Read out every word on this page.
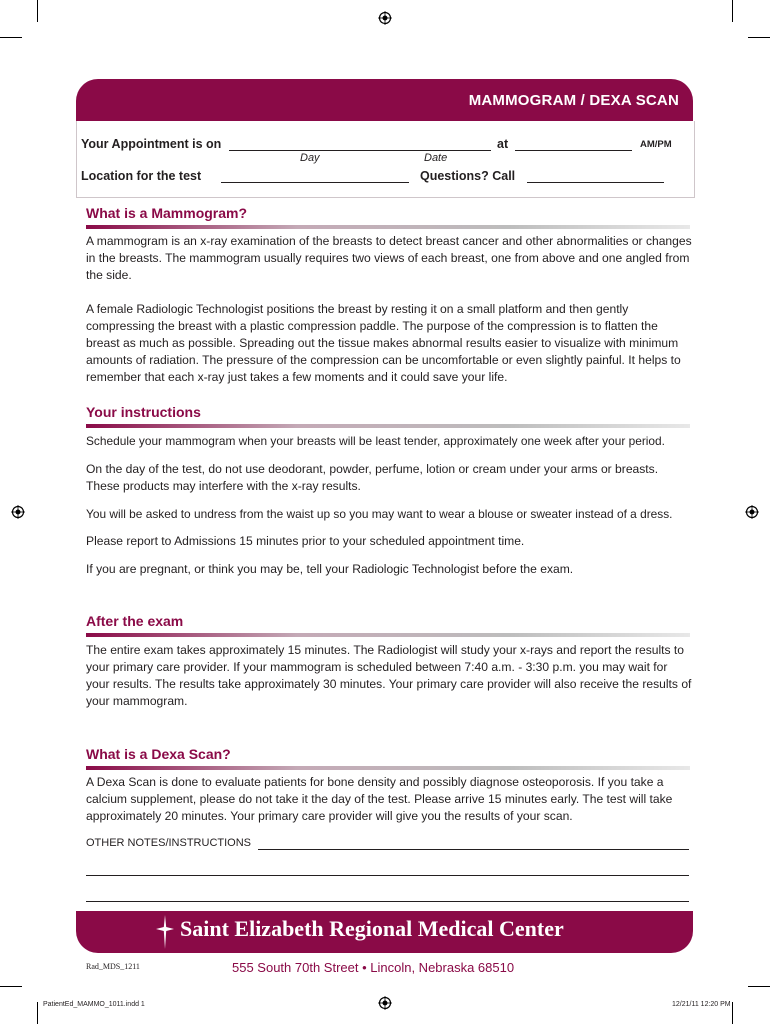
MAMMOGRAM / DEXA SCAN
Your Appointment is on	at	AM/PM
Day	Date
Location for the test	Questions? Call
What is a Mammogram?

A mammogram is an x-ray examination of the breasts to detect breast cancer and other abnormalities or changes in the breasts. The mammogram usually requires two views of each breast, one from above and one angled from the side.

A female Radiologic Technologist positions the breast by resting it on a small platform and then gently compressing the breast with a plastic compression paddle. The purpose of the compression is to flatten the breast as much as possible. Spreading out the tissue makes abnormal results easier to visualize with minimum amounts of radiation. The pressure of the compression can be uncomfortable or even slightly painful. It helps to remember that each x-ray just takes a few moments and it could save your life.

Your instructions

Schedule your mammogram when your breasts will be least tender, approximately one week after your period.

On the day of the test, do not use deodorant, powder, perfume, lotion or cream under your arms or breasts. These products may interfere with the x-ray results.

You will be asked to undress from the waist up so you may want to wear a blouse or sweater instead of a dress.

Please report to Admissions 15 minutes prior to your scheduled appointment time.

If you are pregnant, or think you may be, tell your Radiologic Technologist before the exam.

After the exam

The entire exam takes approximately 15 minutes. The Radiologist will study your x-rays and report the results to your primary care provider. If your mammogram is scheduled between 7:40 a.m. - 3:30 p.m. you may wait for your results. The results take approximately 30 minutes. Your primary care provider will also receive the results of your mammogram.

What is a Dexa Scan?

A Dexa Scan is done to evaluate patients for bone density and possibly diagnose osteoporosis. If you take a calcium supplement, please do not take it the day of the test. Please arrive 15 minutes early. The test will take approximately 20 minutes. Your primary care provider will give you the results of your scan.

OTHER NOTES/INSTRUCTIONS
Saint Elizabeth Regional Medical Center
555 South 70th Street • Lincoln, Nebraska 68510
Rad_MDS_1211
PatientEd_MAMMO_1011.indd 1	12/21/11 12:20 PM
